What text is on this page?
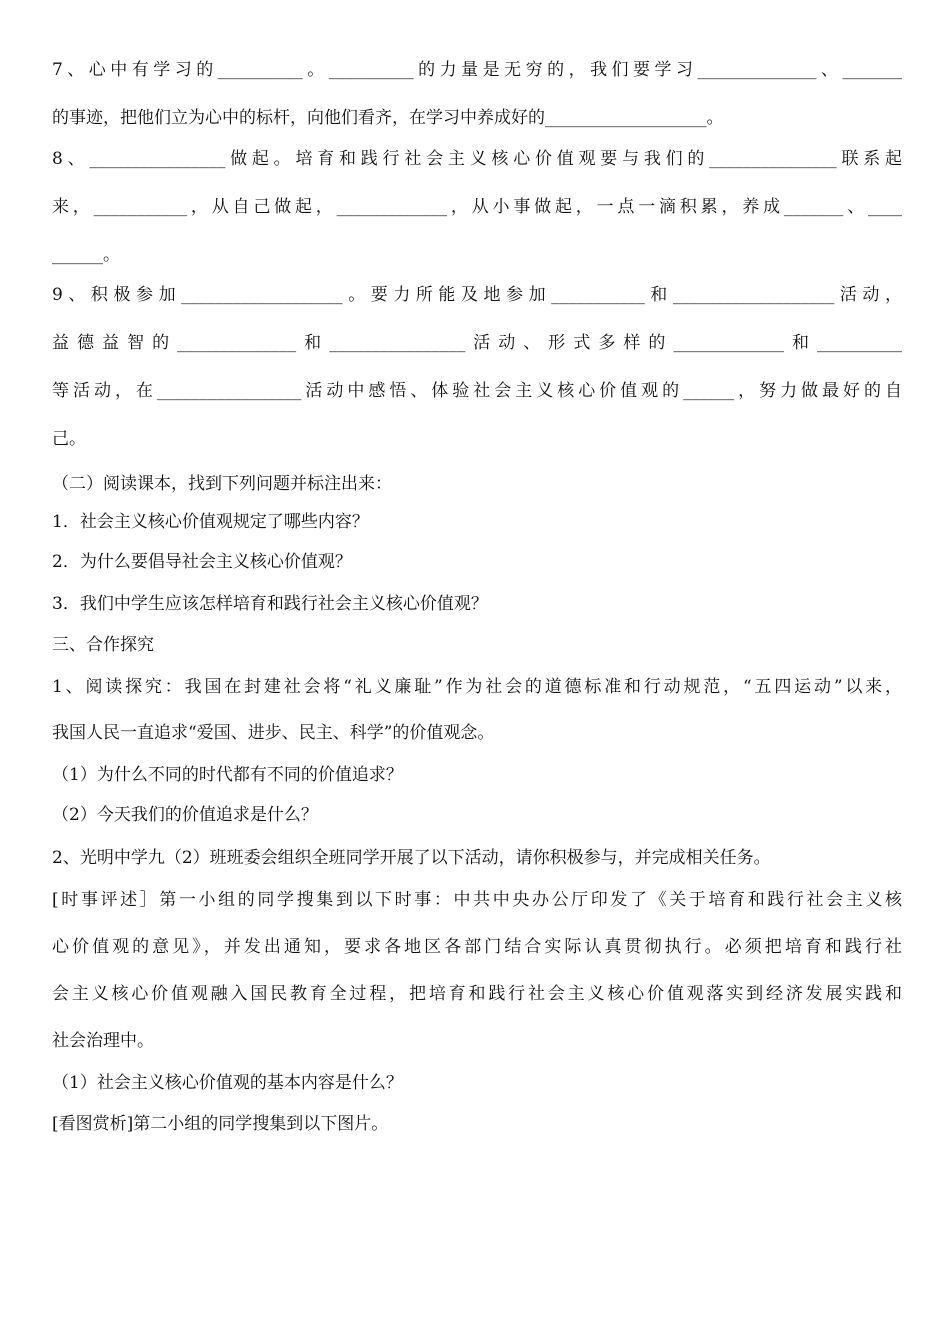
7、心中有学习的__________。__________的力量是无穷的，我们要学习______________、_______
的事迹，把他们立为心中的标杆，向他们看齐，在学习中养成好的___________________。
8、________________做起。培育和践行社会主义核心价值观要与我们的_______________联系起
来，___________，从自己做起，_____________，从小事做起，一点一滴积累，养成_______、____
______。
9、积极参加___________________。要力所能及地参加___________和___________________活动，
益德益智的______________和________________活动、形式多样的_____________和__________
等活动，在_________________活动中感悟、体验社会主义核心价值观的______，努力做最好的自
己。
（二）阅读课本，找到下列问题并标注出来：
1．社会主义核心价值观规定了哪些内容？
2．为什么要倡导社会主义核心价值观？
3．我们中学生应该怎样培育和践行社会主义核心价值观？
三、合作探究
1、阅读探究：我国在封建社会将“礼义廉耻”作为社会的道德标准和行动规范，“五四运动”以来，
我国人民一直追求“爱国、进步、民主、科学”的价值观念。
（1）为什么不同的时代都有不同的价值追求？
（2）今天我们的价值追求是什么？
2、光明中学九（2）班班委会组织全班同学开展了以下活动，请你积极参与，并完成相关任务。
[时事评述］第一小组的同学搜集到以下时事：中共中央办公厅印发了《关于培育和践行社会主义核
心价值观的意见》，并发出通知，要求各地区各部门结合实际认真贯彻执行。必须把培育和践行社
会主义核心价值观融入国民教育全过程，把培育和践行社会主义核心价值观落实到经济发展实践和
社会治理中。
（1）社会主义核心价值观的基本内容是什么？
[看图赏析]第二小组的同学搜集到以下图片。
